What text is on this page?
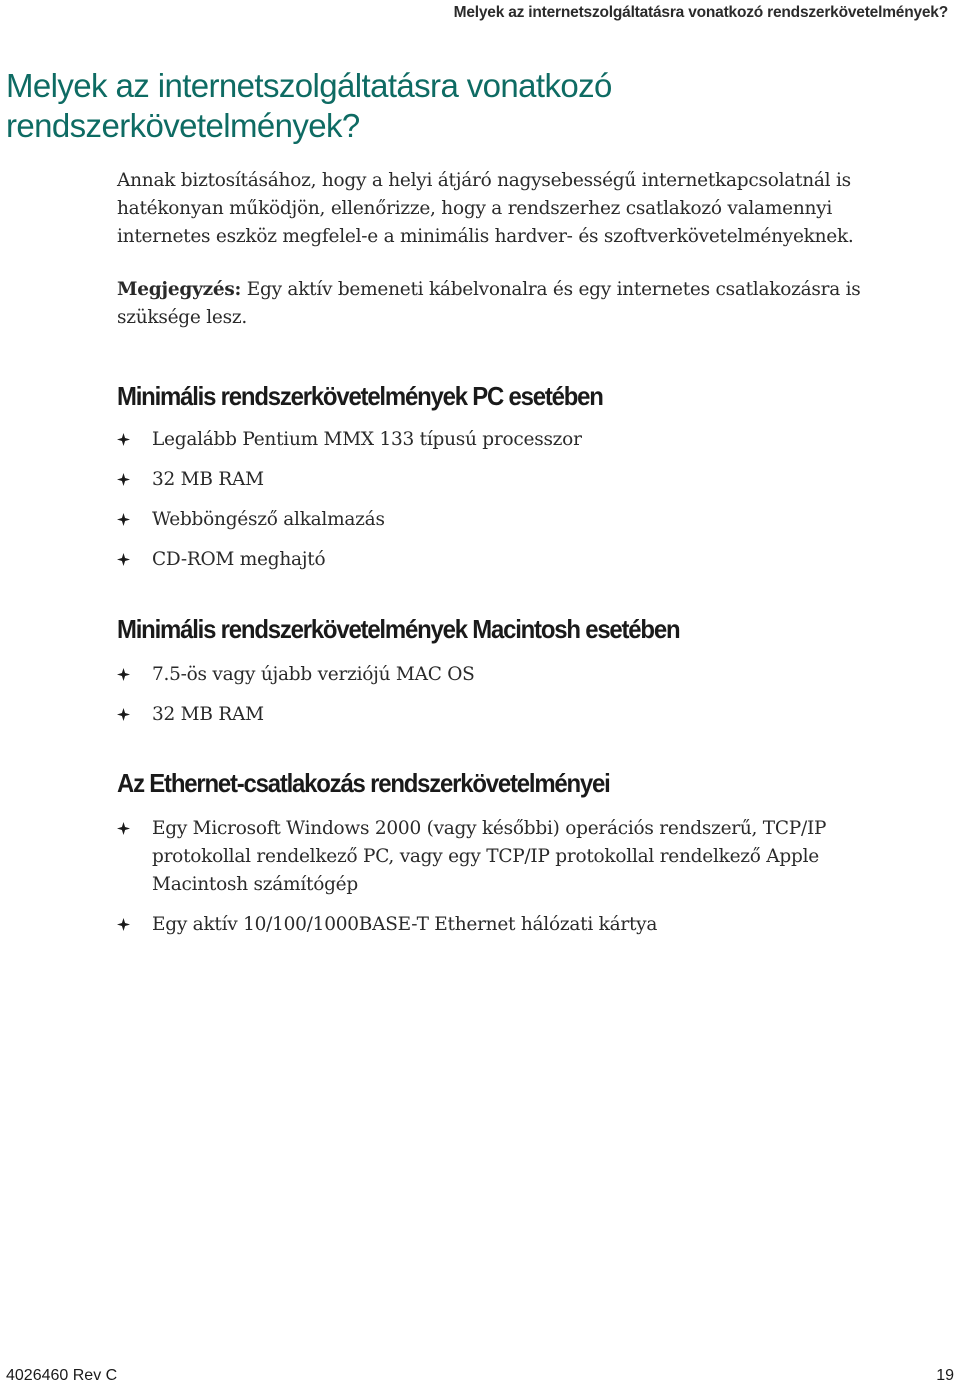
Melyek az internetszolgáltatásra vonatkozó rendszerkövetelmények?
Melyek az internetszolgáltatásra vonatkozó rendszerkövetelmények?

Annak biztosításához, hogy a helyi átjáró nagysebességű internetkapcsolatnál is hatékonyan működjön, ellenőrizze, hogy a rendszerhez csatlakozó valamennyi internetes eszköz megfelel-e a minimális hardver- és szoftverkövetelményeknek.

Megjegyzés: Egy aktív bemeneti kábelvonalra és egy internetes csatlakozásra is szüksége lesz.

Minimális rendszerkövetelmények PC esetében
Legalább Pentium MMX 133 típusú processzor
32 MB RAM
Webböngésző alkalmazás
CD-ROM meghajtó
Minimális rendszerkövetelmények Macintosh esetében
7.5-ös vagy újabb verziójú MAC OS
32 MB RAM
Az Ethernet-csatlakozás rendszerkövetelményei
Egy Microsoft Windows 2000 (vagy későbbi) operációs rendszerű, TCP/IP protokollal rendelkező PC, vagy egy TCP/IP protokollal rendelkező Apple Macintosh számítógép
Egy aktív 10/100/1000BASE-T Ethernet hálózati kártya
4026460 Rev C	19
